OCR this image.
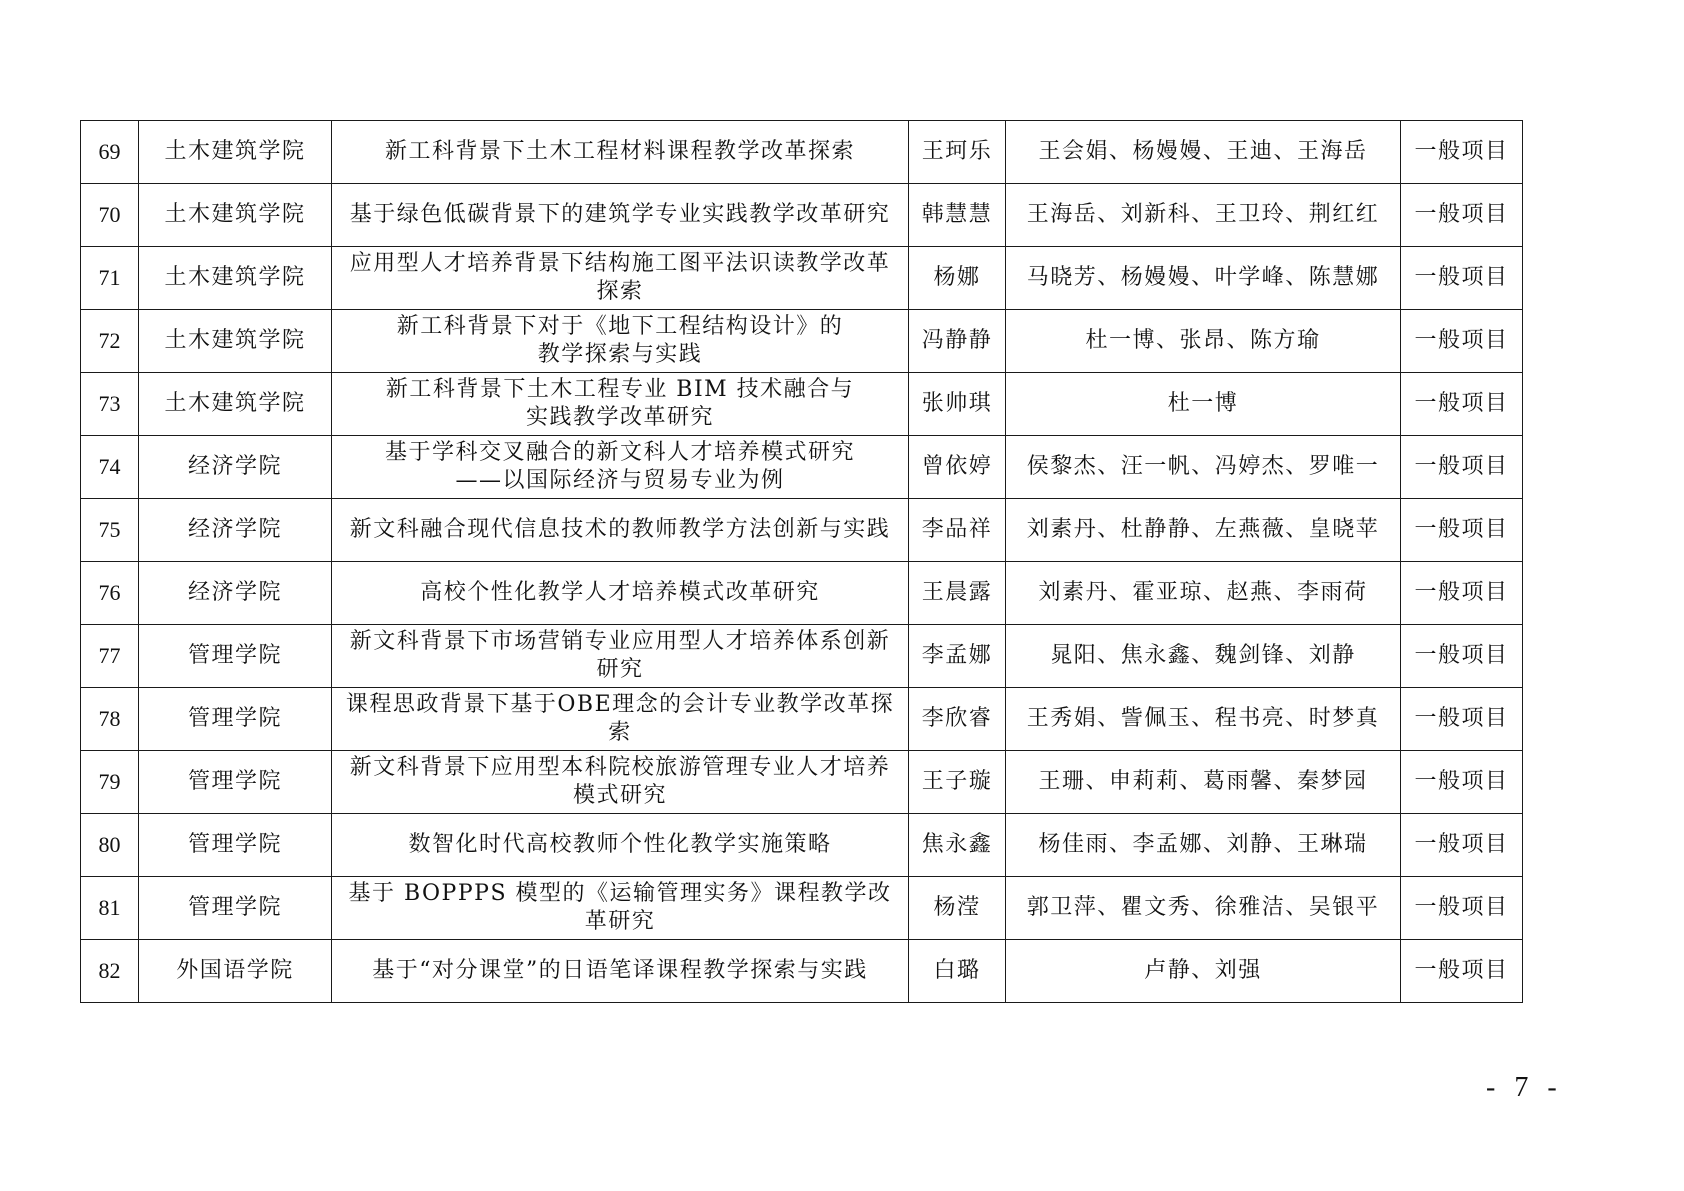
69	土木建筑学院	新工科背景下土木工程材料课程教学改革探索	王珂乐	王会娟、杨嫚嫚、王迪、王海岳	一般项目
70	土木建筑学院	基于绿色低碳背景下的建筑学专业实践教学改革研究	韩慧慧	王海岳、刘新科、王卫玲、荆红红	一般项目
71	土木建筑学院	应用型人才培养背景下结构施工图平法识读教学改革探索	杨娜	马晓芳、杨嫚嫚、叶学峰、陈慧娜	一般项目
72	土木建筑学院	新工科背景下对于《地下工程结构设计》的
教学探索与实践	冯静静	杜一博、张昂、陈方瑜	一般项目
73	土木建筑学院	新工科背景下土木工程专业 BIM 技术融合与
实践教学改革研究	张帅琪	杜一博	一般项目
74	经济学院	基于学科交叉融合的新文科人才培养模式研究
——以国际经济与贸易专业为例	曾依婷	侯黎杰、汪一帆、冯婷杰、罗唯一	一般项目
75	经济学院	新文科融合现代信息技术的教师教学方法创新与实践	李品祥	刘素丹、杜静静、左燕薇、皇晓苹	一般项目
76	经济学院	高校个性化教学人才培养模式改革研究	王晨露	刘素丹、霍亚琼、赵燕、李雨荷	一般项目
77	管理学院	新文科背景下市场营销专业应用型人才培养体系创新研究	李孟娜	晁阳、焦永鑫、魏剑锋、刘静	一般项目
78	管理学院	课程思政背景下基于OBE理念的会计专业教学改革探索	李欣睿	王秀娟、訾佩玉、程书亮、时梦真	一般项目
79	管理学院	新文科背景下应用型本科院校旅游管理专业人才培养模式研究	王子璇	王珊、申莉莉、葛雨馨、秦梦园	一般项目
80	管理学院	数智化时代高校教师个性化教学实施策略	焦永鑫	杨佳雨、李孟娜、刘静、王琳瑞	一般项目
81	管理学院	基于 BOPPPS 模型的《运输管理实务》课程教学改革研究	杨滢	郭卫萍、瞿文秀、徐雅洁、吴银平	一般项目
82	外国语学院	基于“对分课堂”的日语笔译课程教学探索与实践	白璐	卢静、刘强	一般项目
- 7 -
